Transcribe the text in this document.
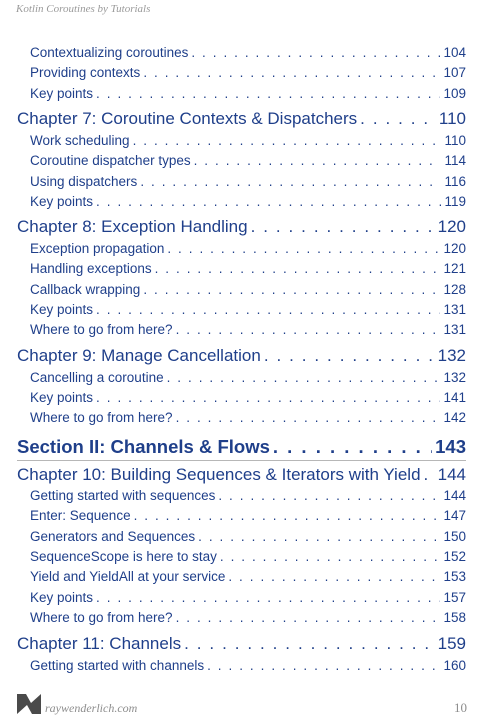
Kotlin Coroutines by Tutorials
Contextualizing coroutines . . .	104
Providing contexts . . .	107
Key points . . .	109
Chapter 7: Coroutine Contexts & Dispatchers . . .	110
Work scheduling . . .	110
Coroutine dispatcher types . . .	114
Using dispatchers . . .	116
Key points . . .	119
Chapter 8: Exception Handling . . .	120
Exception propagation . . .	120
Handling exceptions . . .	121
Callback wrapping . . .	128
Key points . . .	131
Where to go from here? . . .	131
Chapter 9: Manage Cancellation . . .	132
Cancelling a coroutine . . .	132
Key points . . .	141
Where to go from here? . . .	142
Section II: Channels & Flows . . .	143
Chapter 10: Building Sequences & Iterators with Yield . . . 144
Getting started with sequences . . .	144
Enter: Sequence . . .	147
Generators and Sequences . . .	150
SequenceScope is here to stay . . .	152
Yield and YieldAll at your service . . .	153
Key points . . .	157
Where to go from here? . . .	158
Chapter 11: Channels . . .	159
Getting started with channels . . .	160
raywenderlich.com	10
